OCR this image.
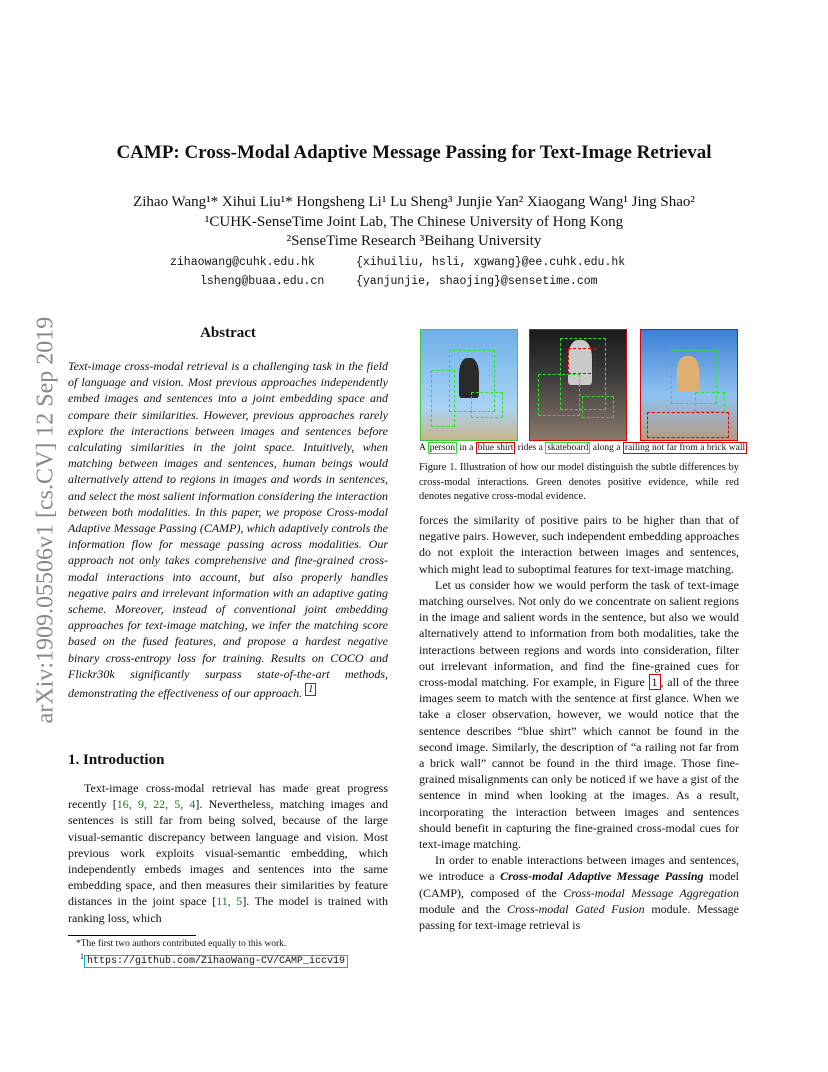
CAMP: Cross-Modal Adaptive Message Passing for Text-Image Retrieval
Zihao Wang¹* Xihui Liu¹* Hongsheng Li¹ Lu Sheng³ Junjie Yan² Xiaogang Wang¹ Jing Shao²
¹CUHK-SenseTime Joint Lab, The Chinese University of Hong Kong
²SenseTime Research ³Beihang University
zihaowang@cuhk.edu.hk	{xihuiliu, hsli, xgwang}@ee.cuhk.edu.hk
lsheng@buaa.edu.cn	{yanjunjie, shaojing}@sensetime.com
arXiv:1909.05506v1 [cs.CV] 12 Sep 2019	Abstract
Text-image cross-modal retrieval is a challenging task in the field of language and vision. Most previous approaches independently embed images and sentences into a joint embedding space and compare their similarities. However, previous approaches rarely explore the interactions between images and sentences before calculating similarities in the joint space. Intuitively, when matching between images and sentences, human beings would alternatively attend to regions in images and words in sentences, and select the most salient information considering the interaction between both modalities. In this paper, we propose Cross-modal Adaptive Message Passing (CAMP), which adaptively controls the information flow for message passing across modalities. Our approach not only takes comprehensive and fine-grained cross-modal interactions into account, but also properly handles negative pairs and irrelevant information with an adaptive gating scheme. Moreover, instead of conventional joint embedding approaches for text-image matching, we infer the matching score based on the fused features, and propose a hardest negative binary cross-entropy loss for training. Results on COCO and Flickr30k significantly surpass state-of-the-art methods, demonstrating the effectiveness of our approach. $^1$
1. Introduction
Text-image cross-modal retrieval has made great progress recently [16, 9, 22, 5, 4]. Nevertheless, matching images and sentences is still far from being solved, because of the large visual-semantic discrepancy between language and vision. Most previous work exploits visual-semantic embedding, which independently embeds images and sentences into the same embedding space, and then measures their similarities by feature distances in the joint space [11, 5]. The model is trained with ranking loss, which
*The first two authors contributed equally to this work.
$^1$ https://github.com/ZihaoWang-CV/CAMP_iccv19
A person in a blue shirt rides a skateboard along a railing not far from a brick wall
Figure 1. Illustration of how our model distinguish the subtle differences by cross-modal interactions. Green denotes positive evidence, while red denotes negative cross-modal evidence.

forces the similarity of positive pairs to be higher than that of negative pairs. However, such independent embedding approaches do not exploit the interaction between images and sentences, which might lead to suboptimal features for text-image matching.

Let us consider how we would perform the task of text-image matching ourselves. Not only do we concentrate on salient regions in the image and salient words in the sentence, but also we would alternatively attend to information from both modalities, take the interactions between regions and words into consideration, filter out irrelevant information, and find the fine-grained cues for cross-modal matching. For example, in Figure 1 , all of the three images seem to match with the sentence at first glance. When we take a closer observation, however, we would notice that the sentence describes “blue shirt” which cannot be found in the second image. Similarly, the description of “a railing not far from a brick wall” cannot be found in the third image. Those fine-grained misalignments can only be noticed if we have a gist of the sentence in mind when looking at the images. As a result, incorporating the interaction between images and sentences should benefit in capturing the fine-grained cross-modal cues for text-image matching.

In order to enable interactions between images and sentences, we introduce a Cross-modal Adaptive Message Passing model (CAMP), composed of the Cross-modal Message Aggregation module and the Cross-modal Gated Fusion module. Message passing for text-image retrieval is
